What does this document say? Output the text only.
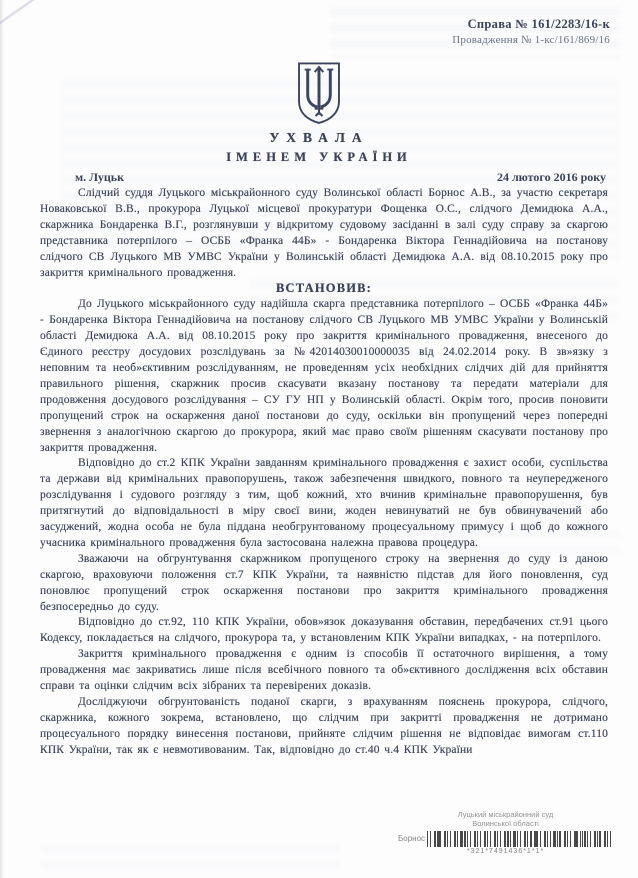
Справа № 161/2283/16-к
Провадження № 1-кс/161/869/16
УХВАЛА
ІМЕНЕМ УКРАЇНИ
м. Луцьк	24 лютого 2016 року

Слідчий суддя Луцького міськрайонного суду Волинської області Борнос А.В., за участю секретаря Новаковської В.В., прокурора Луцької місцевої прокуратури Фощенка О.С., слідчого Демидюка А.А., скаржника Бондаренка В.Г., розглянувши у відкритому судовому засіданні в залі суду справу за скаргою представника потерпілого – ОСББ «Франка 44Б» - Бондаренка Віктора Геннадійовича на постанову слідчого СВ Луцького МВ УМВС України у Волинській області Демидюка А.А. від 08.10.2015 року про закриття кримінального провадження.

ВСТАНОВИВ:

До Луцького міськрайонного суду надійшла скарга представника потерпілого – ОСББ «Франка 44Б» - Бондаренка Віктора Геннадійовича на постанову слідчого СВ Луцького МВ УМВС України у Волинській області Демидюка А.А. від 08.10.2015 року про закриття кримінального провадження, внесеного до Єдиного реєстру досудових розслідувань за №42014030010000035 від 24.02.2014 року. В зв»язку з неповним та необ»єктивним розслідуванням, не проведенням усіх необхідних слідчих дій для прийняття правильного рішення, скаржник просив скасувати вказану постанову та передати матеріали для продовження досудового розслідування – СУ ГУ НП у Волинській області. Окрім того, просив поновити пропущений строк на оскарження даної постанови до суду, оскільки він пропущений через попередні звернення з аналогічною скаргою до прокурора, який має право своїм рішенням скасувати постанову про закриття провадження.

Відповідно до ст.2 КПК України завданням кримінального провадження є захист особи, суспільства та держави від кримінальних правопорушень, також забезпечення швидкого, повного та неупередженого розслідування і судового розгляду з тим, щоб кожний, хто вчинив кримінальне правопорушення, був притягнутий до відповідальності в міру своєї вини, жоден невинуватий не був обвинувачений або засуджений, жодна особа не була піддана необгрунтованому процесуальному примусу і щоб до кожного учасника кримінального провадження була застосована належна правова процедура.

Зважаючи на обгрунтування скаржником пропущеного строку на звернення до суду із даною скаргою, враховуючи положення ст.7 КПК України, та наявністю підстав для його поновлення, суд поновлює пропущений строк оскарження постанови про закриття кримінального провадження безпосередньо до суду.

Відповідно до ст.92, 110 КПК України, обов»язок доказування обставин, передбачених ст.91 цього Кодексу, покладається на слідчого, прокурора та, у встановленим КПК України випадках, - на потерпілого.

Закриття кримінального провадження є одним із способів її остаточного вирішення, а тому провадження має закриватись лише після всебічного повного та об»єктивного дослідження всіх обставин справи та оцінки слідчим всіх зібраних та перевірених доказів.

Досліджуючи обгрунтованість поданої скарги, з врахуванням пояснень прокурора, слідчого, скаржника, кожного зокрема, встановлено, що слідчим при закритті провадження не дотримано процесуального порядку винесення постанови, прийняте слідчим рішення не відповідає вимогам ст.110 КПК України, так як є невмотивованим. Так, відповідно до ст.40 ч.4 КПК України

Луцький міськрайонний суд
Волинської області
Борнос
*321*7491436*1*1*
